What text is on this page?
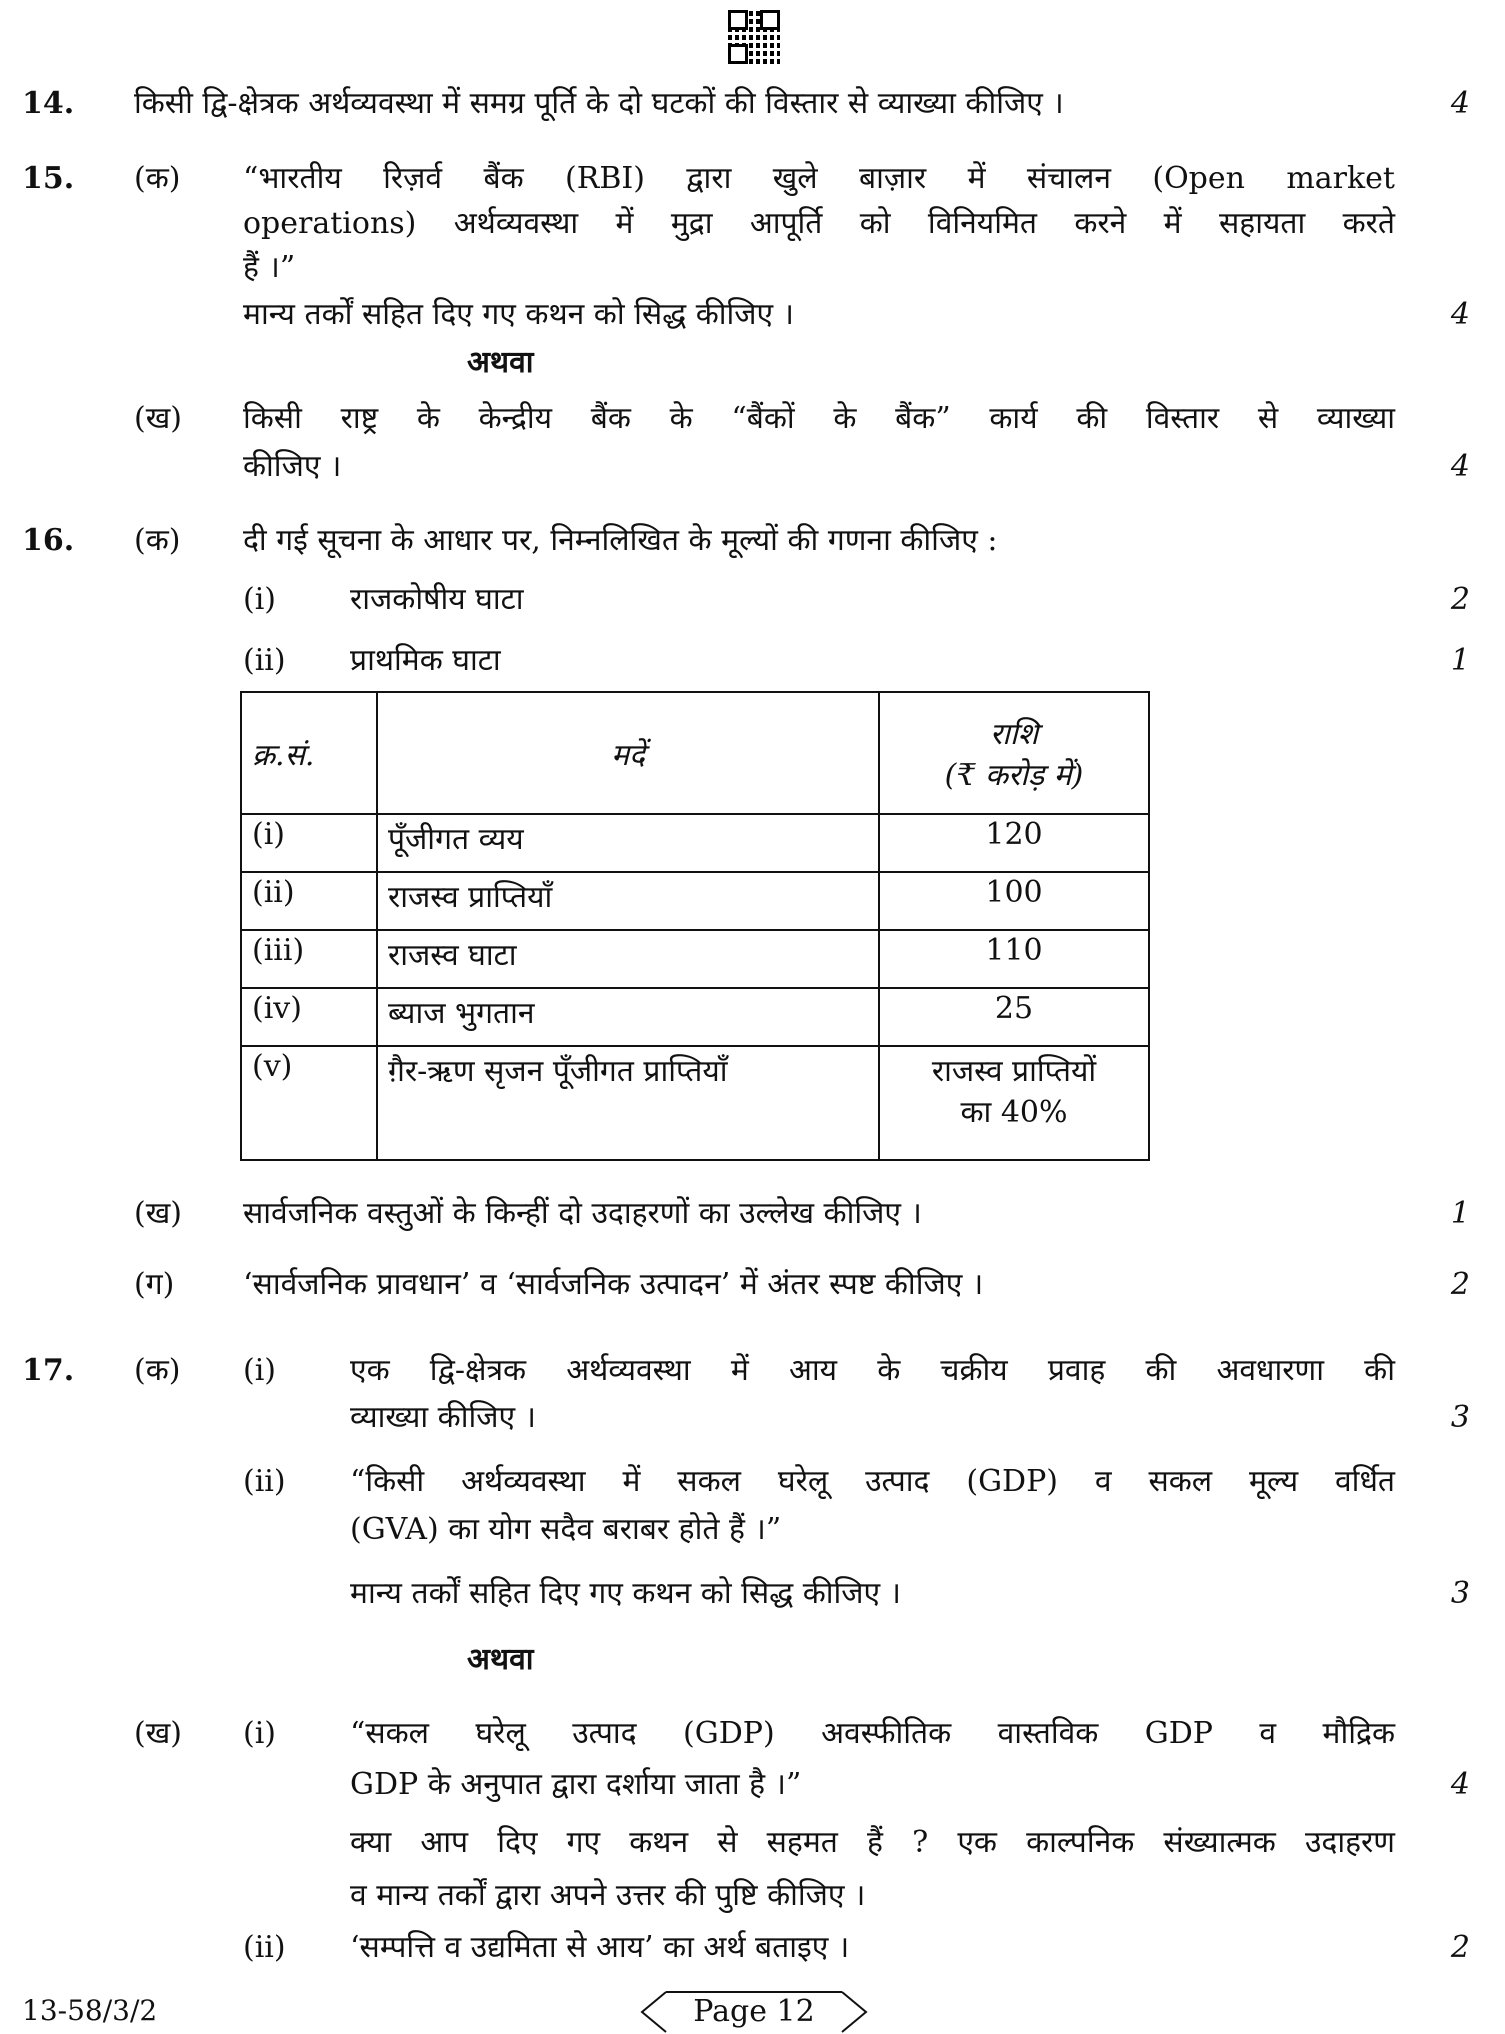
14. किसी द्वि-क्षेत्रक अर्थव्यवस्था में समग्र पूर्ति के दो घटकों की विस्तार से व्याख्या कीजिए ।	4
15. (क) “भारतीय रिज़र्व बैंक (RBI) द्वारा खुले बाज़ार में संचालन (Open market
operations) अर्थव्यवस्था में मुद्रा आपूर्ति को विनियमित करने में सहायता करते
हैं ।”
मान्य तर्कों सहित दिए गए कथन को सिद्ध कीजिए ।	4
अथवा
(ख) किसी राष्ट्र के केन्द्रीय बैंक के “बैंकों के बैंक” कार्य की विस्तार से व्याख्या
कीजिए ।	4
16. (क) दी गई सूचना के आधार पर, निम्नलिखित के मूल्यों की गणना कीजिए :
(i) राजकोषीय घाटा	2
(ii) प्राथमिक घाटा	1
क्र.सं.	मदें	राशि
(₹ करोड़ में)
(i)	पूँजीगत व्यय	120
(ii)	राजस्व प्राप्तियाँ	100
(iii)	राजस्व घाटा	110
(iv)	ब्याज भुगतान	25
(v)	ग़ैर-ऋण सृजन पूँजीगत प्राप्तियाँ	राजस्व प्राप्तियों
का 40%
(ख) सार्वजनिक वस्तुओं के किन्हीं दो उदाहरणों का उल्लेख कीजिए ।	1
(ग) ‘सार्वजनिक प्रावधान’ व ‘सार्वजनिक उत्पादन’ में अंतर स्पष्ट कीजिए ।	2
17. (क) (i) एक द्वि-क्षेत्रक अर्थव्यवस्था में आय के चक्रीय प्रवाह की अवधारणा की
व्याख्या कीजिए ।	3
(ii) “किसी अर्थव्यवस्था में सकल घरेलू उत्पाद (GDP) व सकल मूल्य वर्धित
(GVA) का योग सदैव बराबर होते हैं ।”
मान्य तर्कों सहित दिए गए कथन को सिद्ध कीजिए ।	3
अथवा
(ख) (i) “सकल घरेलू उत्पाद (GDP) अवस्फीतिक वास्तविक GDP व मौद्रिक
GDP के अनुपात द्वारा दर्शाया जाता है ।”	4
क्या आप दिए गए कथन से सहमत हैं ? एक काल्पनिक संख्यात्मक उदाहरण
व मान्य तर्कों द्वारा अपने उत्तर की पुष्टि कीजिए ।
(ii) ‘सम्पत्ति व उद्यमिता से आय’ का अर्थ बताइए ।	2
13-58/3/2	Page 12
